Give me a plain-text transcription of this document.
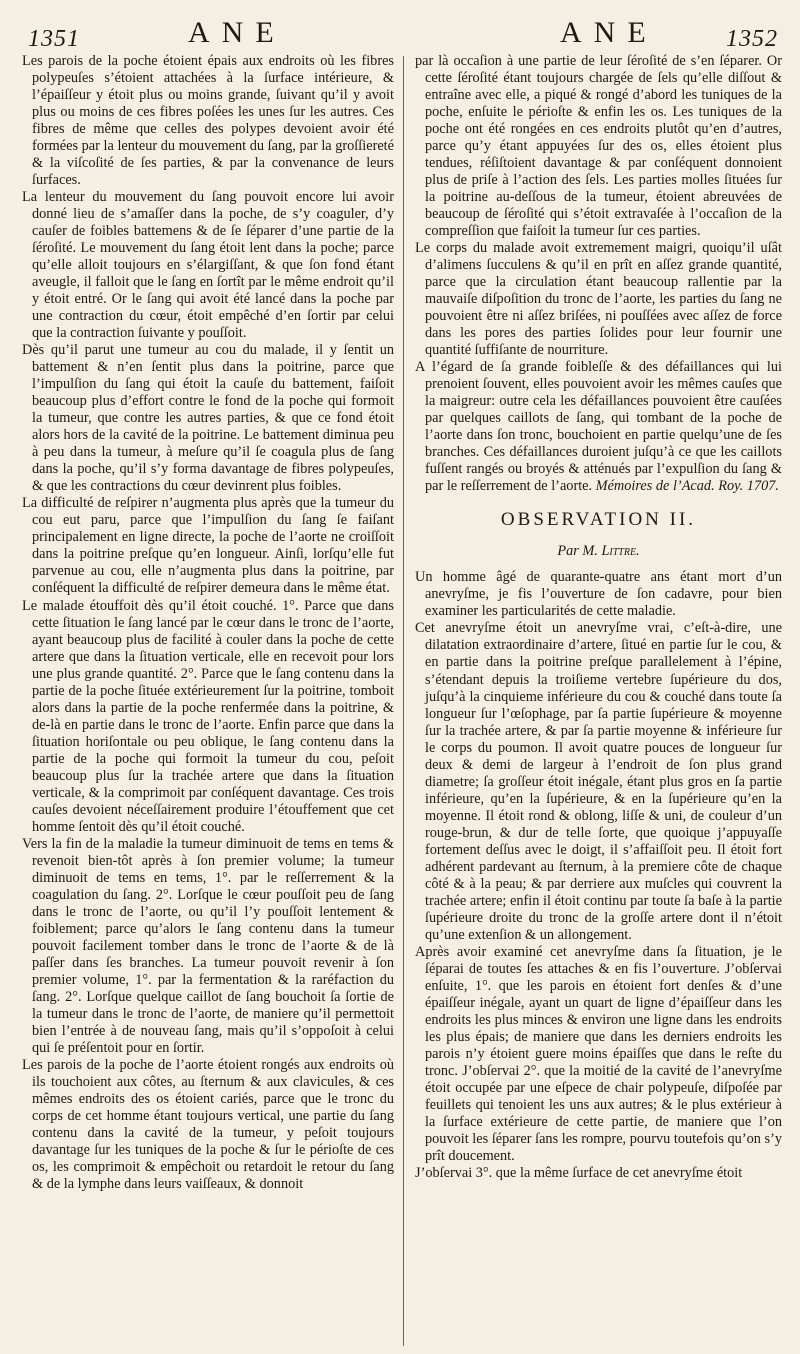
1351	ANE	ANE	1352

Les parois de la poche étoient épais aux endroits où les fibres polypeuſes s’étoient attachées à la ſurface intérieure, & l’épaiſſeur y étoit plus ou moins grande, ſuivant qu’il y avoit plus ou moins de ces fibres poſées les unes ſur les autres. Ces fibres de même que celles des polypes devoient avoir été formées par la lenteur du mouvement du ſang, par la groſſiereté & la viſcoſité de ſes parties, & par la convenance de leurs ſurfaces.

La lenteur du mouvement du ſang pouvoit encore lui avoir donné lieu de s’amaſſer dans la poche, de s’y coaguler, d’y cauſer de foibles battemens & de ſe ſéparer d’une partie de la ſéroſité. Le mouvement du ſang étoit lent dans la poche; parce qu’elle alloit toujours en s’élargiſſant, & que ſon fond étant aveugle, il falloit que le ſang en ſortît par le même endroit qu’il y étoit entré. Or le ſang qui avoit été lancé dans la poche par une contraction du cœur, étoit empêché d’en ſortir par celui que la contraction ſuivante y pouſſoit.

Dès qu’il parut une tumeur au cou du malade, il y ſentit un battement & n’en ſentit plus dans la poitrine, parce que l’impulſion du ſang qui étoit la cauſe du battement, faiſoit beaucoup plus d’effort contre le fond de la poche qui formoit la tumeur, que contre les autres parties, & que ce fond étoit alors hors de la cavité de la poitrine. Le battement diminua peu à peu dans la tumeur, à meſure qu’il ſe coagula plus de ſang dans la poche, qu’il s’y forma davantage de fibres polypeuſes, & que les contractions du cœur devinrent plus foibles.

La difficulté de reſpirer n’augmenta plus après que la tumeur du cou eut paru, parce que l’impulſion du ſang ſe faiſant principalement en ligne directe, la poche de l’aorte ne croiſſoit dans la poitrine preſque qu’en longueur. Ainſi, lorſqu’elle fut parvenue au cou, elle n’augmenta plus dans la poitrine, par conſéquent la difficulté de reſpirer demeura dans le même état.

Le malade étouffoit dès qu’il étoit couché. 1°. Parce que dans cette ſituation le ſang lancé par le cœur dans le tronc de l’aorte, ayant beaucoup plus de facilité à couler dans la poche de cette artere que dans la ſituation verticale, elle en recevoit pour lors une plus grande quantité. 2°. Parce que le ſang contenu dans la partie de la poche ſituée extérieurement ſur la poitrine, tomboit alors dans la partie de la poche renfermée dans la poitrine, & de-là en partie dans le tronc de l’aorte. Enfin parce que dans la ſituation horiſontale ou peu oblique, le ſang contenu dans la partie de la poche qui formoit la tumeur du cou, peſoit beaucoup plus ſur la trachée artere que dans la ſituation verticale, & la comprimoit par conſéquent davantage. Ces trois cauſes devoient néceſſairement produire l’étouffement que cet homme ſentoit dès qu’il étoit couché.

Vers la fin de la maladie la tumeur diminuoit de tems en tems & revenoit bien-tôt après à ſon premier volume; la tumeur diminuoit de tems en tems, 1°. par le reſſerrement & la coagulation du ſang. 2°. Lorſque le cœur pouſſoit peu de ſang dans le tronc de l’aorte, ou qu’il l’y pouſſoit lentement & foiblement; parce qu’alors le ſang contenu dans la tumeur pouvoit facilement tomber dans le tronc de l’aorte & de là paſſer dans ſes branches. La tumeur pouvoit revenir à ſon premier volume, 1°. par la fermentation & la raréfaction du ſang. 2°. Lorſque quelque caillot de ſang bouchoit ſa ſortie de la tumeur dans le tronc de l’aorte, de maniere qu’il permettoit bien l’entrée à de nouveau ſang, mais qu’il s’oppoſoit à celui qui ſe préſentoit pour en ſortir.

Les parois de la poche de l’aorte étoient rongés aux endroits où ils touchoient aux côtes, au ſternum & aux clavicules, & ces mêmes endroits des os étoient cariés, parce que le tronc du corps de cet homme étant toujours vertical, une partie du ſang contenu dans la cavité de la tumeur, y peſoit toujours davantage ſur les tuniques de la poche & ſur le périoſte de ces os, les comprimoit & empêchoit ou retardoit le retour du ſang & de la lymphe dans leurs vaiſſeaux, & donnoit

par là occaſion à une partie de leur ſéroſité de s’en ſéparer. Or cette ſéroſité étant toujours chargée de ſels qu’elle diſſout & entraîne avec elle, a piqué & rongé d’abord les tuniques de la poche, enſuite le périoſte & enfin les os. Les tuniques de la poche ont été rongées en ces endroits plutôt qu’en d’autres, parce qu’y étant appuyées ſur des os, elles étoient plus tendues, réſiſtoient davantage & par conſéquent donnoient plus de priſe à l’action des ſels. Les parties molles ſituées ſur la poitrine au-deſſous de la tumeur, étoient abreuvées de beaucoup de ſéroſité qui s’étoit extravaſée à l’occaſion de la compreſſion que faiſoit la tumeur ſur ces parties.

Le corps du malade avoit extremement maigri, quoiqu’il uſât d’alimens ſucculens & qu’il en prît en aſſez grande quantité, parce que la circulation étant beaucoup rallentie par la mauvaiſe diſpoſition du tronc de l’aorte, les parties du ſang ne pouvoient être ni aſſez briſées, ni pouſſées avec aſſez de force dans les pores des parties ſolides pour leur fournir une quantité ſuffiſante de nourriture.

A l’égard de ſa grande foibleſſe & des défaillances qui lui prenoient ſouvent, elles pouvoient avoir les mêmes cauſes que la maigreur: outre cela les défaillances pouvoient être cauſées par quelques caillots de ſang, qui tombant de la poche de l’aorte dans ſon tronc, bouchoient en partie quelqu’une de ſes branches. Ces défaillances duroient juſqu’à ce que les caillots fuſſent rangés ou broyés & atténués par l’expulſion du ſang & par le reſſerrement de l’aorte. Mémoires de l’Acad. Roy. 1707.

OBSERVATION II.
Par M. Littre.

Un homme âgé de quarante-quatre ans étant mort d’un anevryſme, je fis l’ouverture de ſon cadavre, pour bien examiner les particularités de cette maladie.

Cet anevryſme étoit un anevryſme vrai, c’eſt-à-dire, une dilatation extraordinaire d’artere, ſitué en partie ſur le cou, & en partie dans la poitrine preſque parallelement à l’épine, s’étendant depuis la troiſieme vertebre ſupérieure du dos, juſqu’à la cinquieme inférieure du cou & couché dans toute ſa longueur ſur l’œſophage, par ſa partie ſupérieure & moyenne ſur la trachée artere, & par ſa partie moyenne & inférieure ſur le corps du poumon. Il avoit quatre pouces de longueur ſur deux & demi de largeur à l’endroit de ſon plus grand diametre; ſa groſſeur étoit inégale, étant plus gros en ſa partie inférieure, qu’en la ſupérieure, & en la ſupérieure qu’en la moyenne. Il étoit rond & oblong, liſſe & uni, de couleur d’un rouge-brun, & dur de telle ſorte, que quoique j’appuyaſſe fortement deſſus avec le doigt, il s’affaiſſoit peu. Il étoit fort adhérent pardevant au ſternum, à la premiere côte de chaque côté & à la peau; & par derriere aux muſcles qui couvrent la trachée artere; enfin il étoit continu par toute ſa baſe à la partie ſupérieure droite du tronc de la groſſe artere dont il n’étoit qu’une extenſion & un allongement.

Après avoir examiné cet anevryſme dans ſa ſituation, je le ſéparai de toutes ſes attaches & en fis l’ouverture. J’obſervai enſuite, 1°. que les parois en étoient fort denſes & d’une épaiſſeur inégale, ayant un quart de ligne d’épaiſſeur dans les endroits les plus minces & environ une ligne dans les endroits les plus épais; de maniere que dans les derniers endroits les parois n’y étoient guere moins épaiſſes que dans le reſte du tronc. J’obſervai 2°. que la moitié de la cavité de l’anevryſme étoit occupée par une eſpece de chair polypeuſe, diſpoſée par feuillets qui tenoient les uns aux autres; & le plus extérieur à la ſurface extérieure de cette partie, de maniere que l’on pouvoit les ſéparer ſans les rompre, pourvu toutefois qu’on s’y prît doucement.

J’obſervai 3°. que la même ſurface de cet anevryſme étoit
